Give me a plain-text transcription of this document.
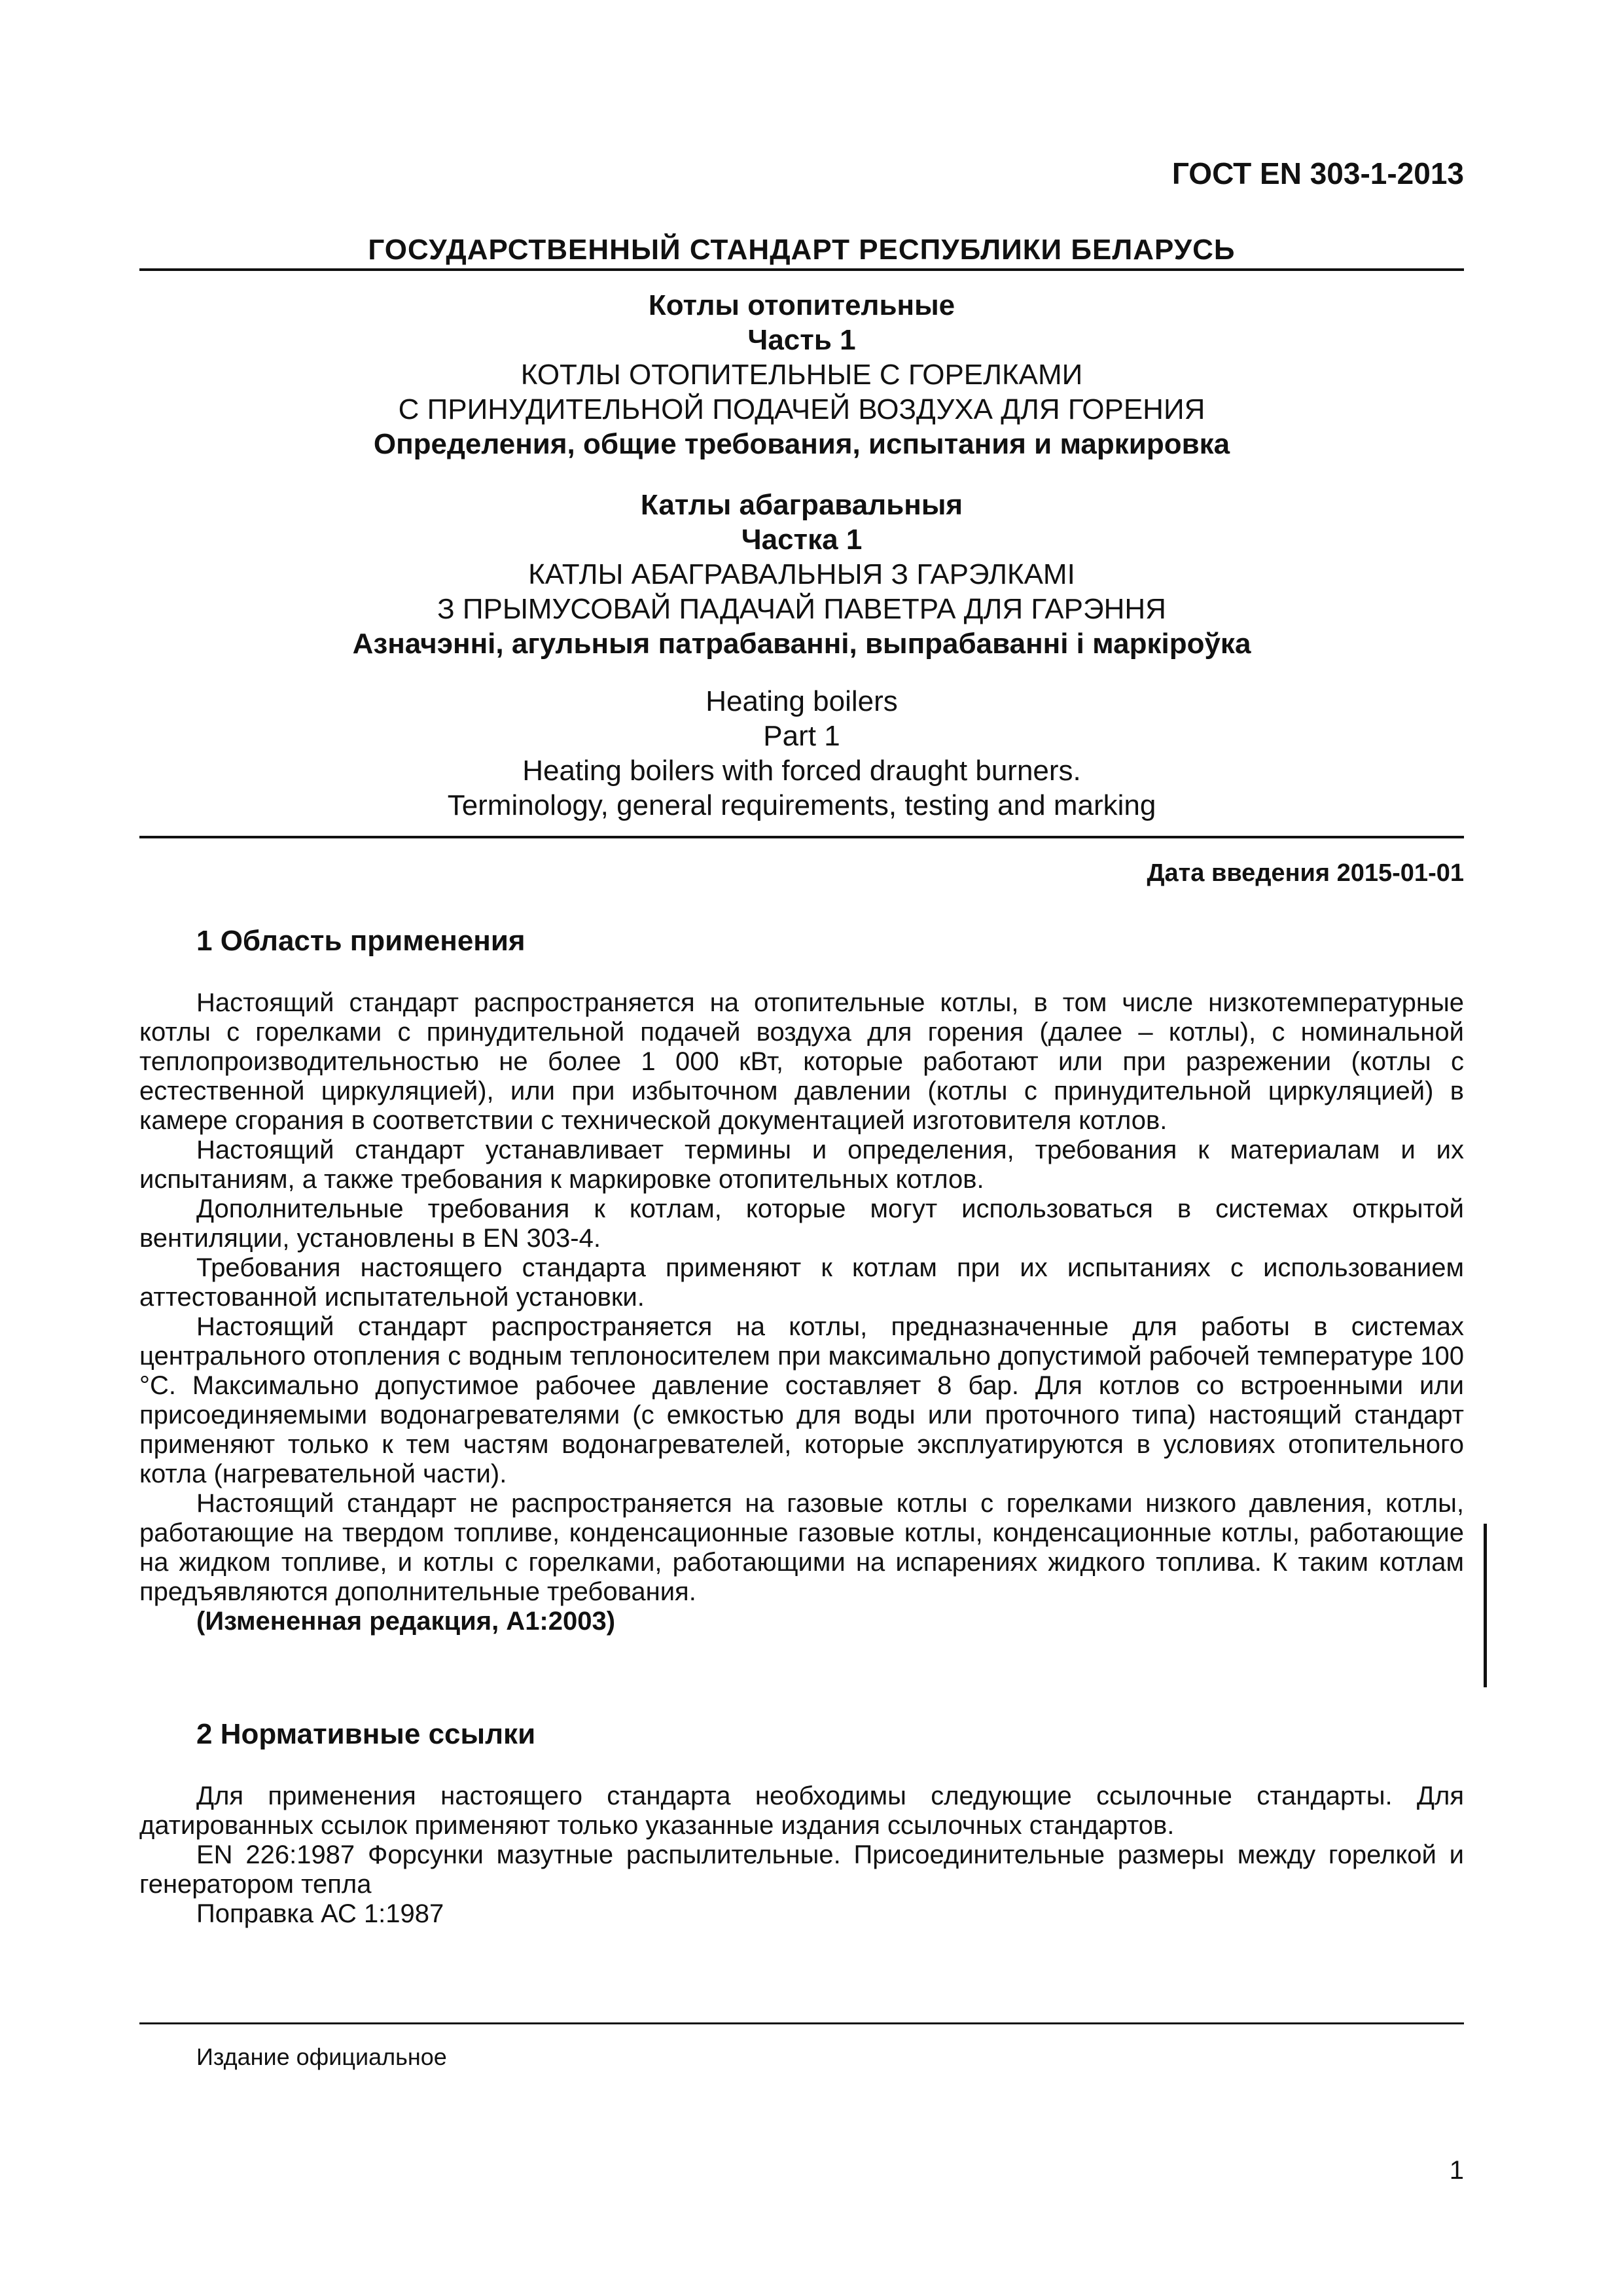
ГОСТ EN 303-1-2013
ГОСУДАРСТВЕННЫЙ СТАНДАРТ РЕСПУБЛИКИ БЕЛАРУСЬ
Котлы отопительные
Часть 1
КОТЛЫ ОТОПИТЕЛЬНЫЕ С ГОРЕЛКАМИ
С ПРИНУДИТЕЛЬНОЙ ПОДАЧЕЙ ВОЗДУХА ДЛЯ ГОРЕНИЯ
Определения, общие требования, испытания и маркировка
Катлы абагравальныя
Частка 1
КАТЛЫ АБАГРАВАЛЬНЫЯ З ГАРЭЛКАМІ
З ПРЫМУСОВАЙ ПАДАЧАЙ ПАВЕТРА ДЛЯ ГАРЭННЯ
Азначэнні, агульныя патрабаванні, выпрабаванні і маркіроўка
Heating boilers
Part 1
Heating boilers with forced draught burners.
Terminology, general requirements, testing and marking
Дата введения 2015-01-01
1 Область применения

Настоящий стандарт распространяется на отопительные котлы, в том числе низкотемпературные котлы с горелками с принудительной подачей воздуха для горения (далее – котлы), с номинальной теплопроизводительностью не более 1 000 кВт, которые работают или при разрежении (котлы с естественной циркуляцией), или при избыточном давлении (котлы с принудительной циркуляцией) в камере сгорания в соответствии с технической документацией изготовителя котлов.

Настоящий стандарт устанавливает термины и определения, требования к материалам и их испытаниям, а также требования к маркировке отопительных котлов.

Дополнительные требования к котлам, которые могут использоваться в системах открытой вентиляции, установлены в EN 303-4.

Требования настоящего стандарта применяют к котлам при их испытаниях с использованием аттестованной испытательной установки.

Настоящий стандарт распространяется на котлы, предназначенные для работы в системах центрального отопления с водным теплоносителем при максимально допустимой рабочей температуре 100 °С. Максимально допустимое рабочее давление составляет 8 бар. Для котлов со встроенными или присоединяемыми водонагревателями (с емкостью для воды или проточного типа) настоящий стандарт применяют только к тем частям водонагревателей, которые эксплуатируются в условиях отопительного котла (нагревательной части).

Настоящий стандарт не распространяется на газовые котлы с горелками низкого давления, котлы, работающие на твердом топливе, конденсационные газовые котлы, конденсационные котлы, работающие на жидком топливе, и котлы с горелками, работающими на испарениях жидкого топлива. К таким котлам предъявляются дополнительные требования.

(Измененная редакция, А1:2003)

2 Нормативные ссылки

Для применения настоящего стандарта необходимы следующие ссылочные стандарты. Для датированных ссылок применяют только указанные издания ссылочных стандартов.

EN 226:1987 Форсунки мазутные распылительные. Присоединительные размеры между горелкой и генератором тепла

Поправка АС 1:1987

Издание официальное
1
